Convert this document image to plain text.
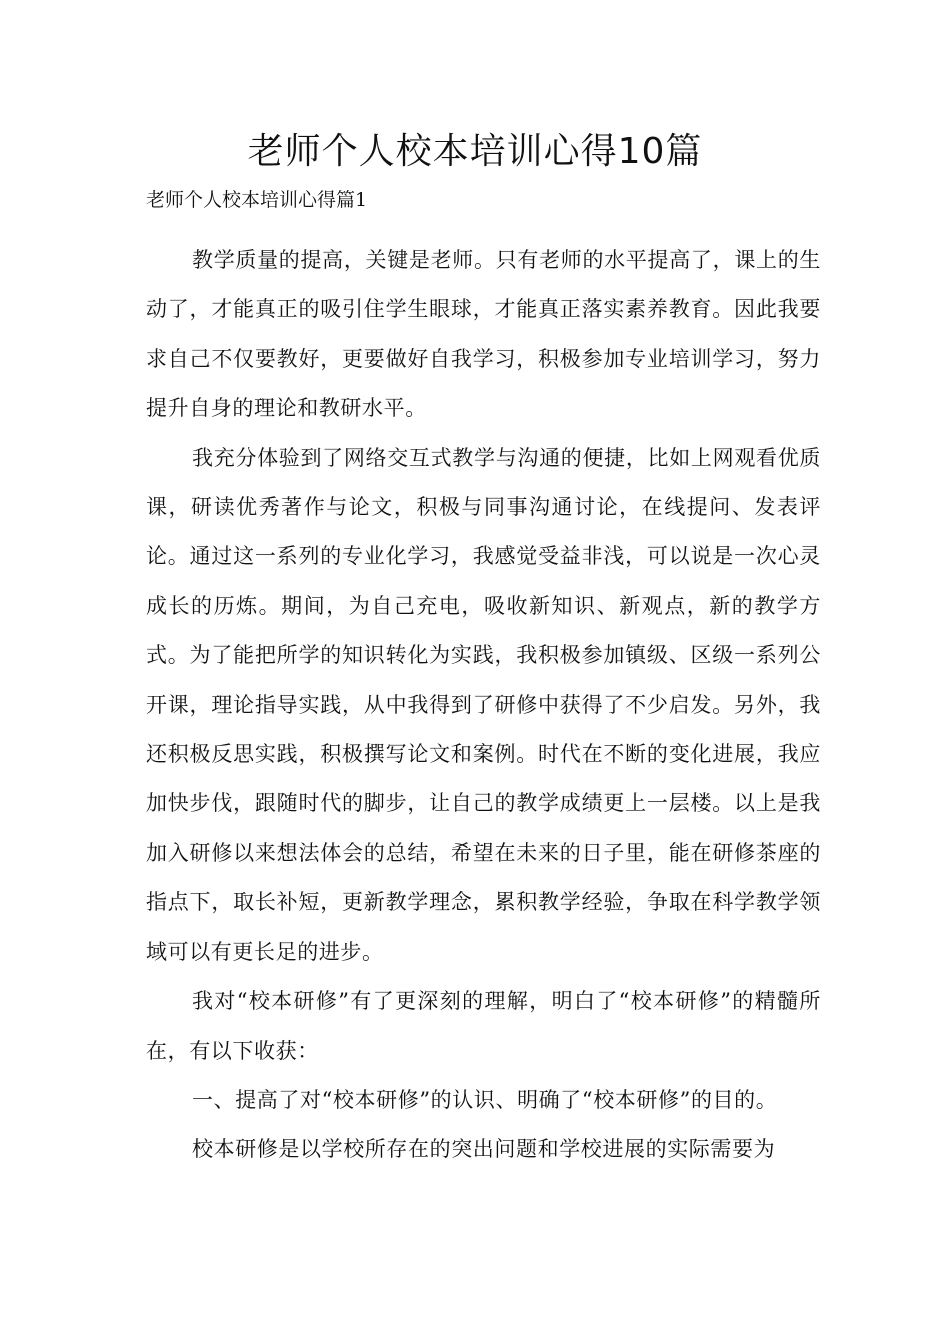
老师个人校本培训心得10篇
老师个人校本培训心得篇1

教学质量的提高，关键是老师。只有老师的水平提高了，课上的生动了，才能真正的吸引住学生眼球，才能真正落实素养教育。因此我要求自己不仅要教好，更要做好自我学习，积极参加专业培训学习，努力提升自身的理论和教研水平。

我充分体验到了网络交互式教学与沟通的便捷，比如上网观看优质课，研读优秀著作与论文，积极与同事沟通讨论，在线提问、发表评论。通过这一系列的专业化学习，我感觉受益非浅，可以说是一次心灵成长的历炼。期间，为自己充电，吸收新知识、新观点，新的教学方式。为了能把所学的知识转化为实践，我积极参加镇级、区级一系列公开课，理论指导实践，从中我得到了研修中获得了不少启发。另外，我还积极反思实践，积极撰写论文和案例。时代在不断的变化进展，我应加快步伐，跟随时代的脚步，让自己的教学成绩更上一层楼。以上是我加入研修以来想法体会的总结，希望在未来的日子里，能在研修茶座的指点下，取长补短，更新教学理念，累积教学经验，争取在科学教学领域可以有更长足的进步。

我对“校本研修”有了更深刻的理解，明白了“校本研修”的精髓所在，有以下收获：

一、提高了对“校本研修”的认识、明确了“校本研修”的目的。

校本研修是以学校所存在的突出问题和学校进展的实际需要为
